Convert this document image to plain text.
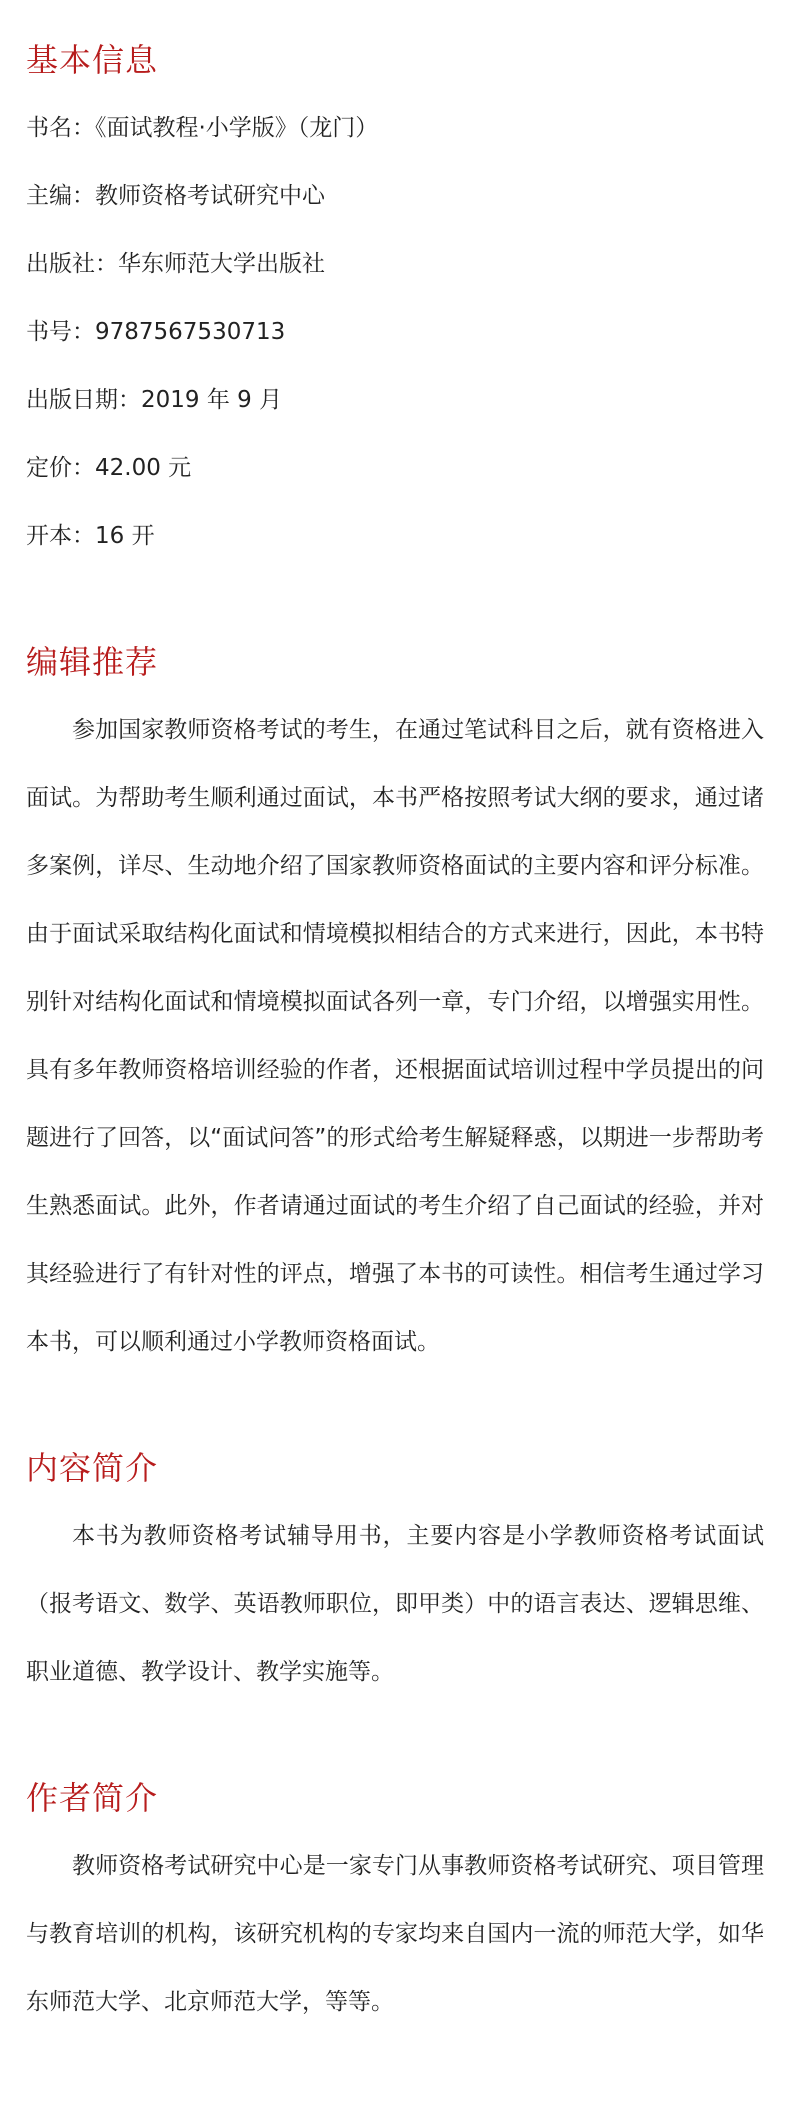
基本信息

书名：《面试教程·小学版》（龙门）

主编：教师资格考试研究中心

出版社：华东师范大学出版社

书号：9787567530713

出版日期：2019 年 9 月

定价：42.00 元

开本：16 开

编辑推荐

参加国家教师资格考试的考生，在通过笔试科目之后，就有资格进入面试。为帮助考生顺利通过面试，本书严格按照考试大纲的要求，通过诸多案例，详尽、生动地介绍了国家教师资格面试的主要内容和评分标准。由于面试采取结构化面试和情境模拟相结合的方式来进行，因此，本书特别针对结构化面试和情境模拟面试各列一章，专门介绍，以增强实用性。具有多年教师资格培训经验的作者，还根据面试培训过程中学员提出的问题进行了回答，以“面试问答”的形式给考生解疑释惑，以期进一步帮助考生熟悉面试。此外，作者请通过面试的考生介绍了自己面试的经验，并对其经验进行了有针对性的评点，增强了本书的可读性。相信考生通过学习本书，可以顺利通过小学教师资格面试。

内容简介

本书为教师资格考试辅导用书，主要内容是小学教师资格考试面试（报考语文、数学、英语教师职位，即甲类）中的语言表达、逻辑思维、职业道德、教学设计、教学实施等。

作者简介

教师资格考试研究中心是一家专门从事教师资格考试研究、项目管理与教育培训的机构，该研究机构的专家均来自国内一流的师范大学，如华东师范大学、北京师范大学，等等。
